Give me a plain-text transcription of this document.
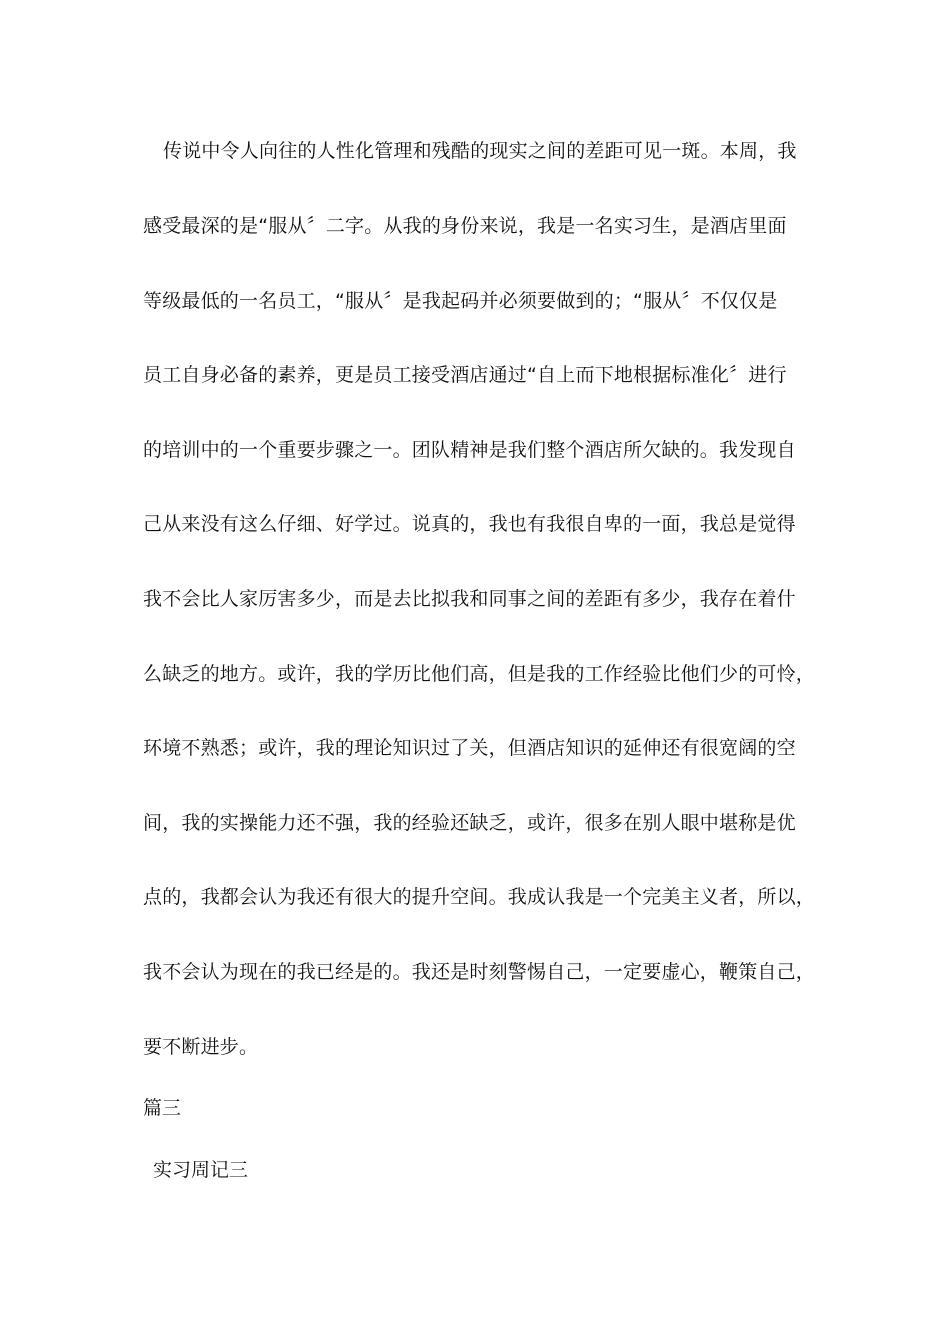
传说中令人向往的人性化管理和残酷的现实之间的差距可见一斑。本周，我
感受最深的是“服从〞二字。从我的身份来说，我是一名实习生，是酒店里面
等级最低的一名员工，“服从〞是我起码并必须要做到的；“服从〞不仅仅是
员工自身必备的素养，更是员工接受酒店通过“自上而下地根据标准化〞进行
的培训中的一个重要步骤之一。团队精神是我们整个酒店所欠缺的。我发现自
己从来没有这么仔细、好学过。说真的，我也有我很自卑的一面，我总是觉得
我不会比人家厉害多少，而是去比拟我和同事之间的差距有多少，我存在着什
么缺乏的地方。或许，我的学历比他们高，但是我的工作经验比他们少的可怜，
环境不熟悉；或许，我的理论知识过了关，但酒店知识的延伸还有很宽阔的空
间，我的实操能力还不强，我的经验还缺乏，或许，很多在别人眼中堪称是优
点的，我都会认为我还有很大的提升空间。我成认我是一个完美主义者，所以，
我不会认为现在的我已经是的。我还是时刻警惕自己，一定要虚心，鞭策自己，
要不断进步。
篇三
实习周记三
